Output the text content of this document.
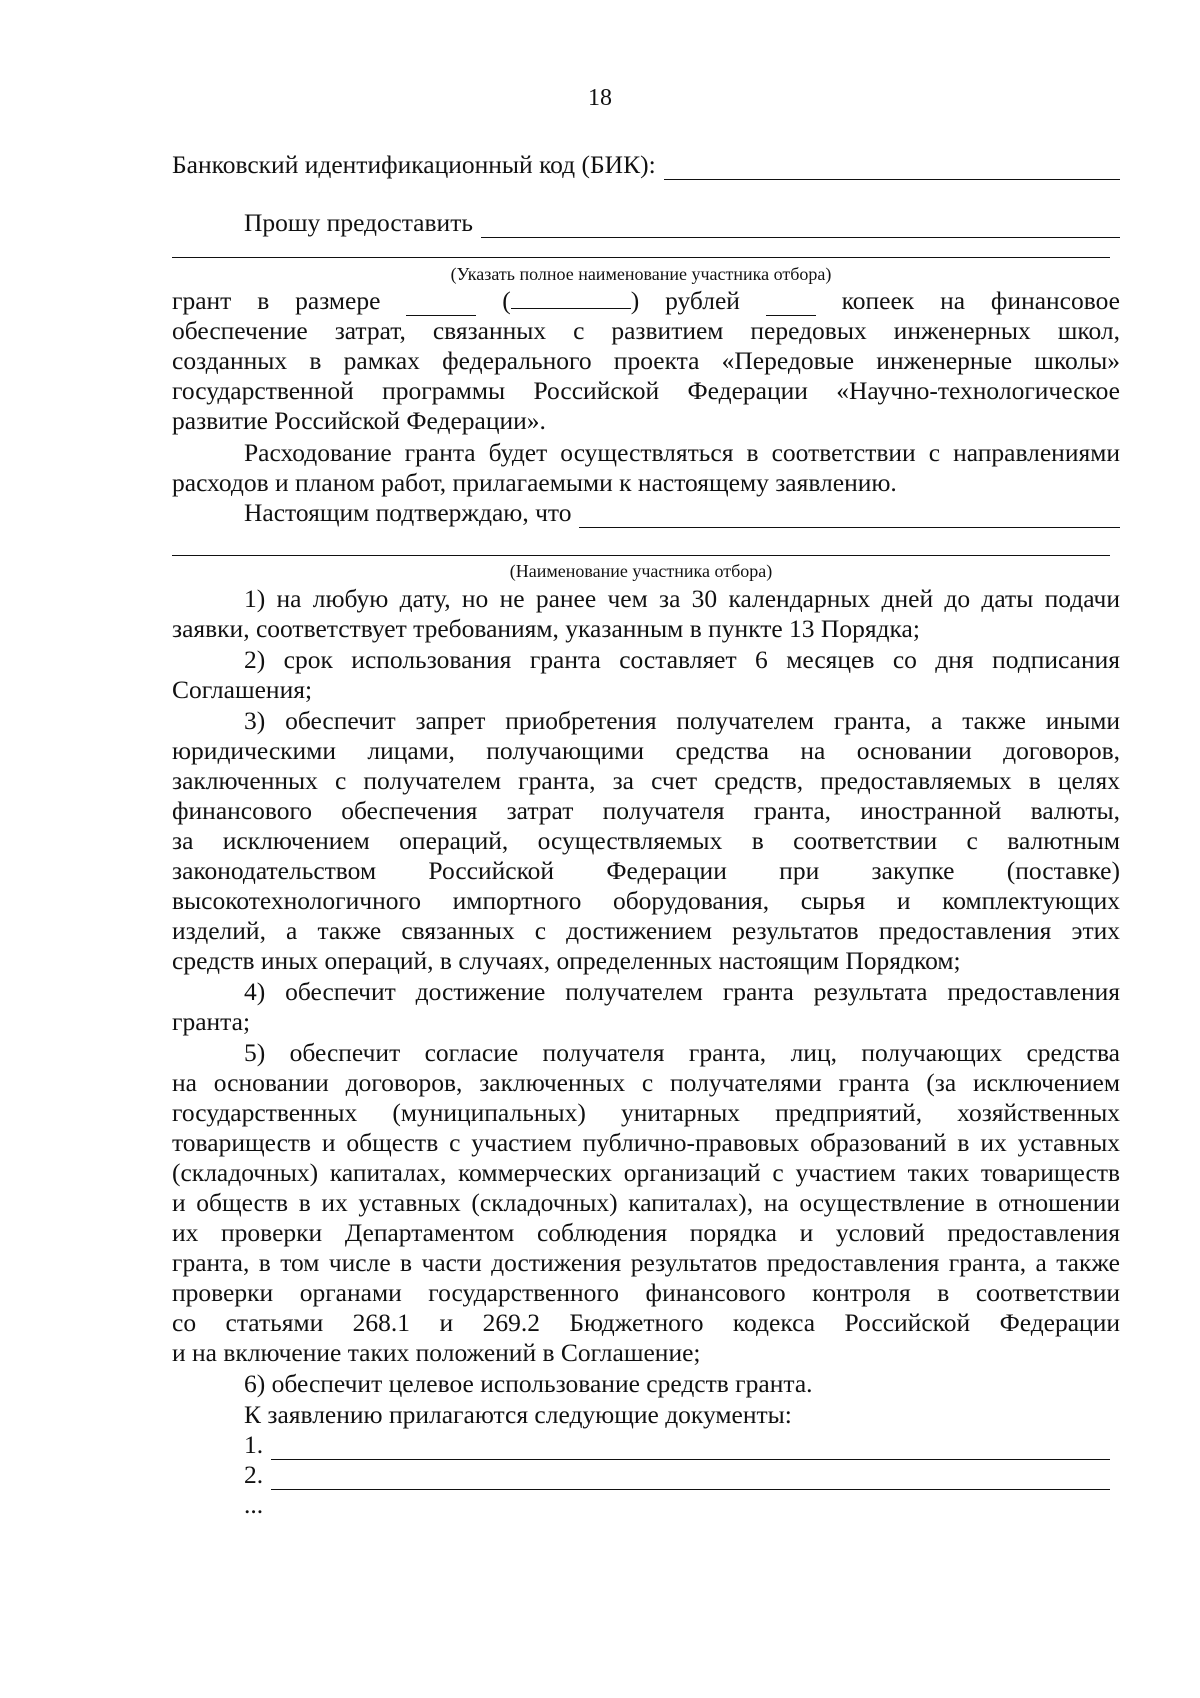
18
Банковский идентификационный код (БИК):
Прошу предоставить
(Указать полное наименование участника отбора)
грант в размере	(	) рублей	копеек на финансовое
обеспечение затрат, связанных с развитием передовых инженерных школ,
созданных в рамках федерального проекта «Передовые инженерные школы»
государственной программы Российской Федерации «Научно-технологическое
развитие Российской Федерации».
Расходование гранта будет осуществляться в соответствии с направлениями
расходов и планом работ, прилагаемыми к настоящему заявлению.
Настоящим подтверждаю, что
(Наименование участника отбора)
1) на любую дату, но не ранее чем за 30 календарных дней до даты подачи
заявки, соответствует требованиям, указанным в пункте 13 Порядка;
2) срок использования гранта составляет 6 месяцев со дня подписания
Соглашения;
3) обеспечит запрет приобретения получателем гранта, а также иными
юридическими лицами, получающими средства на основании договоров,
заключенных с получателем гранта, за счет средств, предоставляемых в целях
финансового обеспечения затрат получателя гранта, иностранной валюты,
за исключением операций, осуществляемых в соответствии с валютным
законодательством Российской Федерации при закупке (поставке)
высокотехнологичного импортного оборудования, сырья и комплектующих
изделий, а также связанных с достижением результатов предоставления этих
средств иных операций, в случаях, определенных настоящим Порядком;
4) обеспечит достижение получателем гранта результата предоставления
гранта;
5) обеспечит согласие получателя гранта, лиц, получающих средства
на основании договоров, заключенных с получателями гранта (за исключением
государственных (муниципальных) унитарных предприятий, хозяйственных
товариществ и обществ с участием публично-правовых образований в их уставных
(складочных) капиталах, коммерческих организаций с участием таких товариществ
и обществ в их уставных (складочных) капиталах), на осуществление в отношении
их проверки Департаментом соблюдения порядка и условий предоставления
гранта, в том числе в части достижения результатов предоставления гранта, а также
проверки органами государственного финансового контроля в соответствии
со статьями 268.1 и 269.2 Бюджетного кодекса Российской Федерации
и на включение таких положений в Соглашение;
6) обеспечит целевое использование средств гранта.
К заявлению прилагаются следующие документы:
1.
2.
...
